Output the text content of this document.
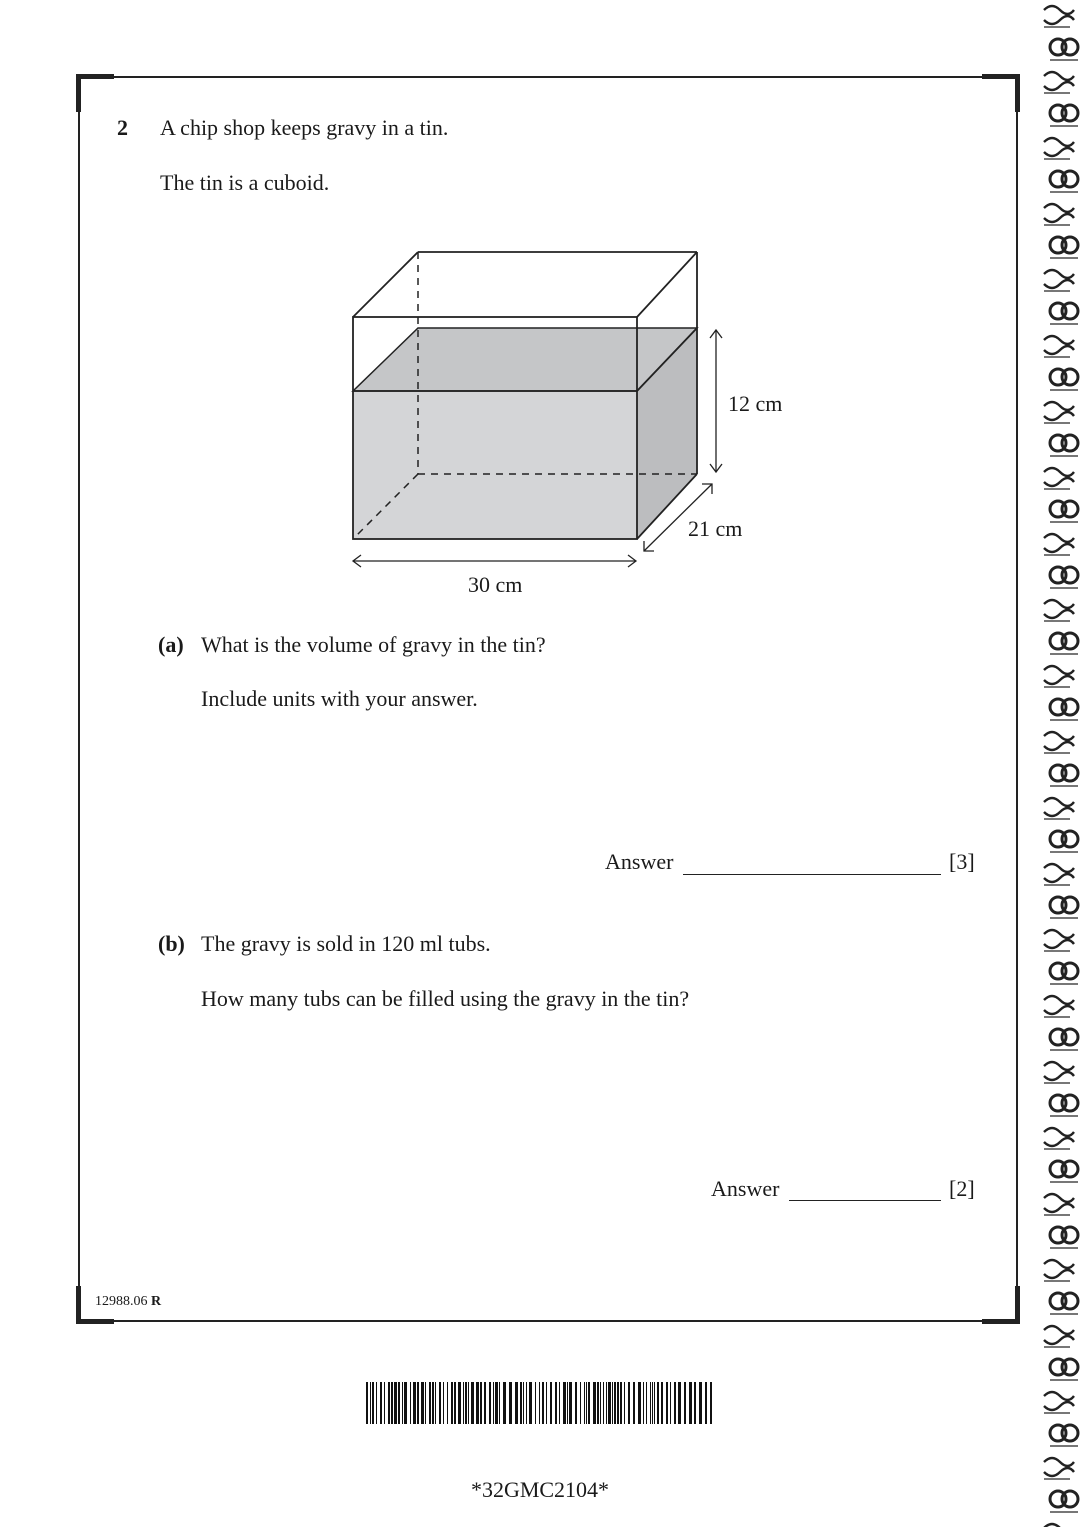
2 A chip shop keeps gravy in a tin.
The tin is a cuboid.
12 cm
21 cm
30 cm
(a) What is the volume of gravy in the tin?
Include units with your answer.
Answer	[3]
(b) The gravy is sold in 120 ml tubs.
How many tubs can be filled using the gravy in the tin?
Answer	[2]
12988.06 R
*32GMC2104*
